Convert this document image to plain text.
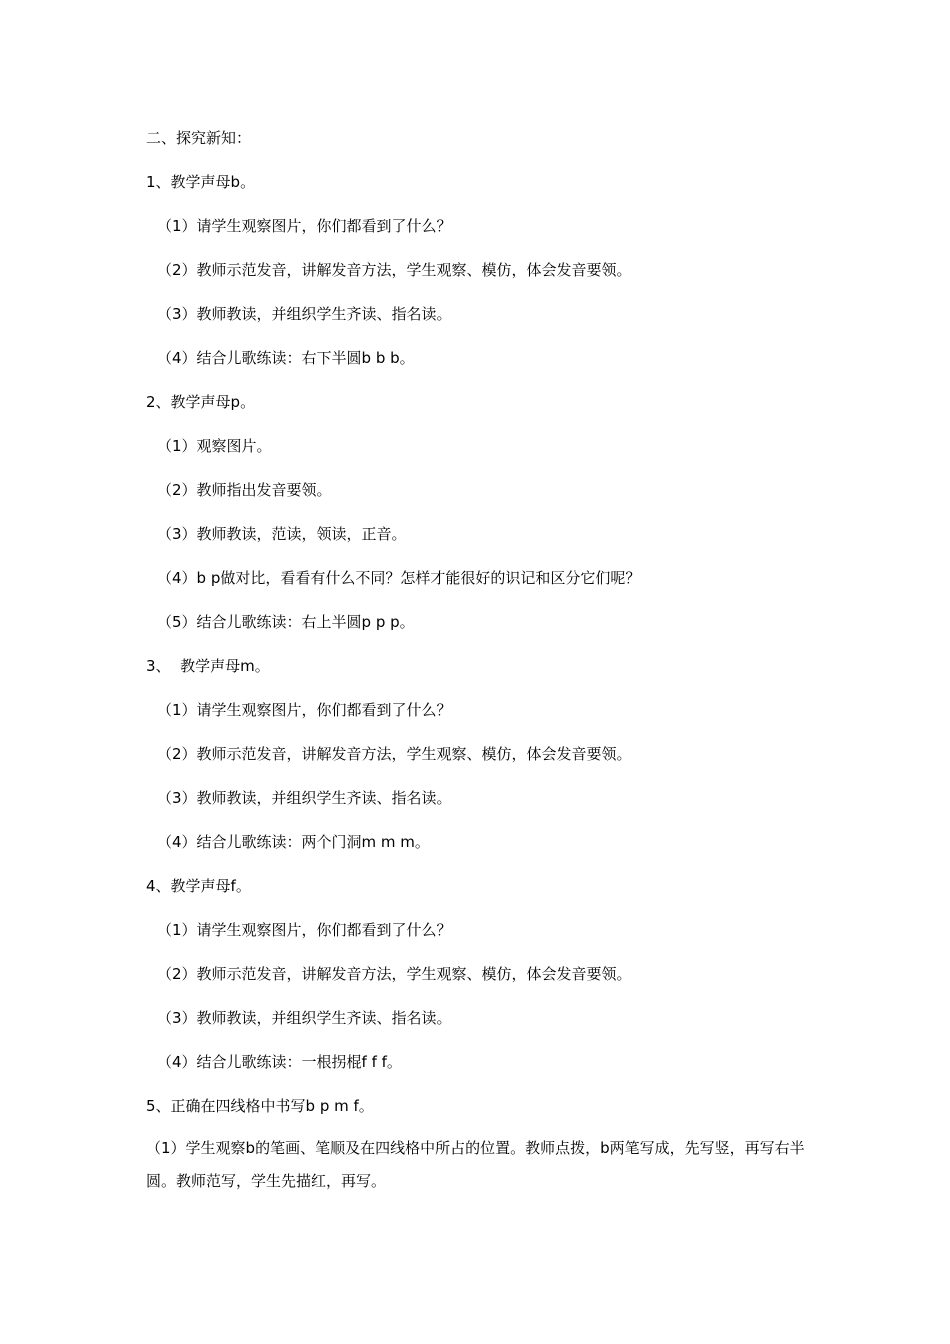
二、探究新知：
1、教学声母b。
（1）请学生观察图片，你们都看到了什么？
（2）教师示范发音，讲解发音方法，学生观察、模仿，体会发音要领。
（3）教师教读，并组织学生齐读、指名读。
（4）结合儿歌练读：右下半圆b b b。
2、教学声母p。
（1）观察图片。
（2）教师指出发音要领。
（3）教师教读，范读，领读，正音。
（4）b p做对比，看看有什么不同？怎样才能很好的识记和区分它们呢？
（5）结合儿歌练读：右上半圆p p p。
3、  教学声母m。
（1）请学生观察图片，你们都看到了什么？
（2）教师示范发音，讲解发音方法，学生观察、模仿，体会发音要领。
（3）教师教读，并组织学生齐读、指名读。
（4）结合儿歌练读：两个门洞m m m。
4、教学声母f。
（1）请学生观察图片，你们都看到了什么？
（2）教师示范发音，讲解发音方法，学生观察、模仿，体会发音要领。
（3）教师教读，并组织学生齐读、指名读。
（4）结合儿歌练读：一根拐棍f f f。
5、正确在四线格中书写b p m f。
（1）学生观察b的笔画、笔顺及在四线格中所占的位置。教师点拨，b两笔写成，先写竖，再写右半圆。教师范写，学生先描红，再写。
